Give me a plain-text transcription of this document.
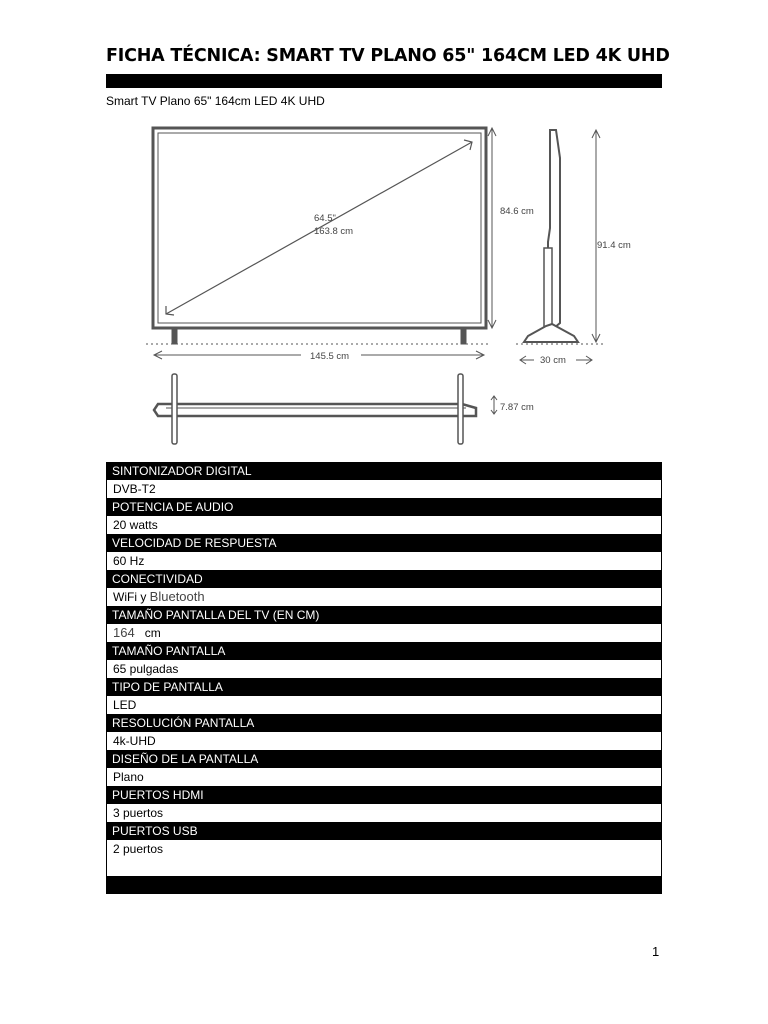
FICHA TÉCNICA: SMART TV PLANO 65" 164CM LED 4K UHD
Smart TV Plano 65" 164cm LED 4K UHD
64.5"
163.8 cm
84.6 cm
91.4 cm
145.5 cm	30 cm
7.87 cm
SINTONIZADOR DIGITAL
DVB-T2
POTENCIA DE AUDIO
20 watts
VELOCIDAD DE RESPUESTA
60 Hz
CONECTIVIDAD
WiFi y Bluetooth
TAMAÑO PANTALLA DEL TV (EN CM)
164 cm
TAMAÑO PANTALLA
65 pulgadas
TIPO DE PANTALLA
LED
RESOLUCIÓN PANTALLA
4k-UHD
DISEÑO DE LA PANTALLA
Plano
PUERTOS HDMI
3 puertos
PUERTOS USB
2 puertos
1
